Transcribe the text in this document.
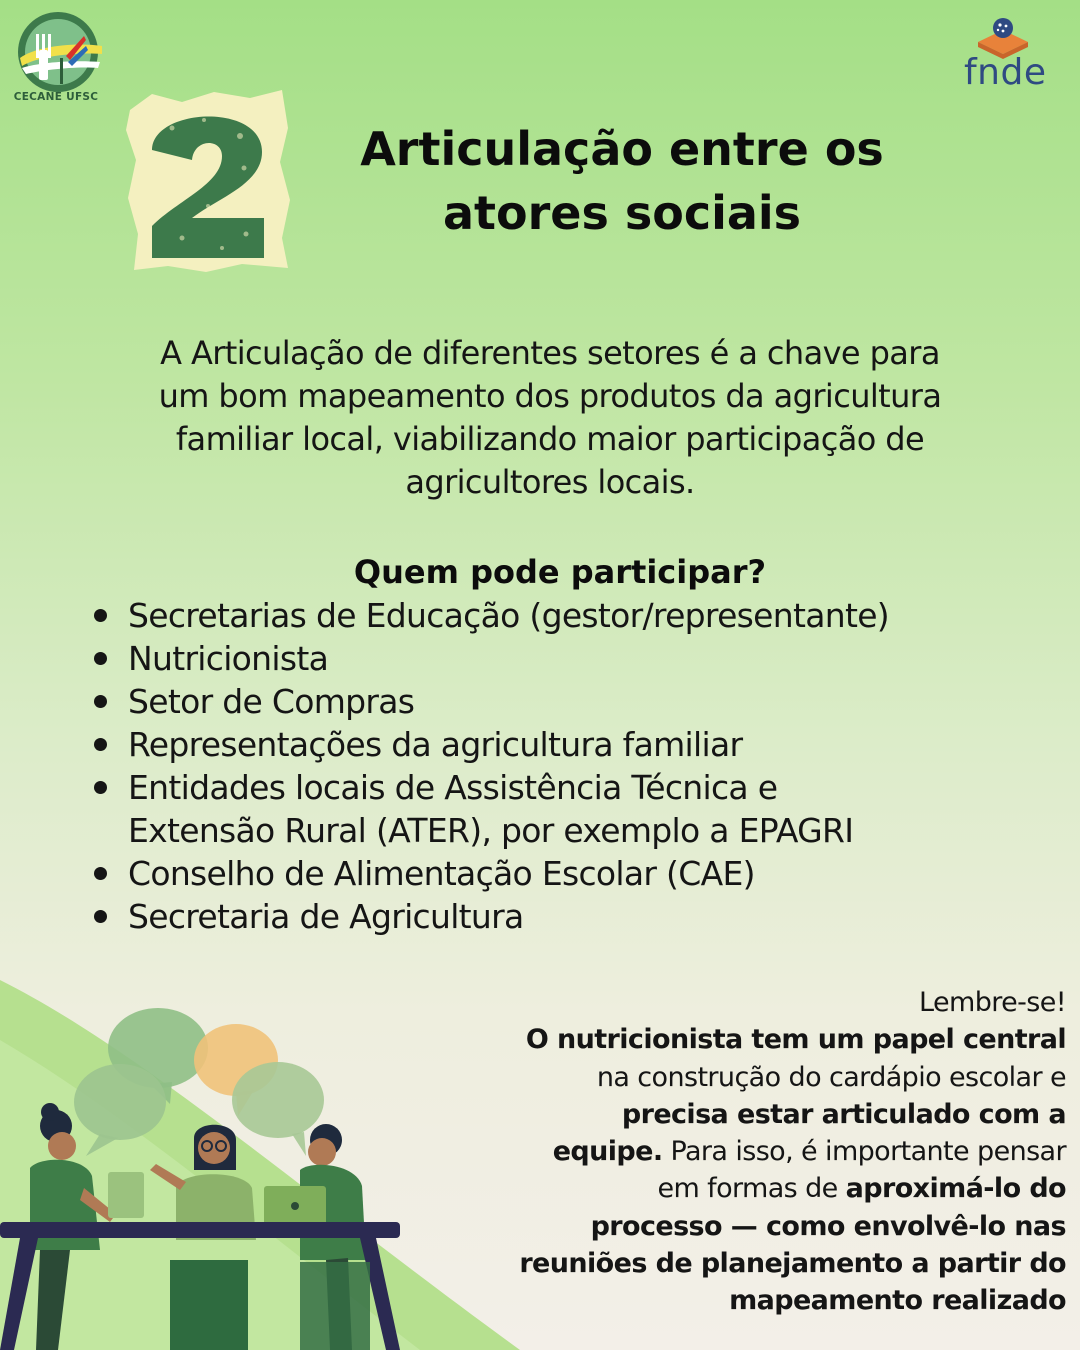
CECANE UFSC
fnde
Articulação entre os
atores sociais
A Articulação de diferentes setores é a chave para
um bom mapeamento dos produtos da agricultura
familiar local, viabilizando maior participação de
agricultores locais.
Quem pode participar?
Secretarias de Educação (gestor/representante)
Nutricionista
Setor de Compras
Representações da agricultura familiar
Entidades locais de Assistência Técnica e
Extensão Rural (ATER), por exemplo a EPAGRI
Conselho de Alimentação Escolar (CAE)
Secretaria de Agricultura
Lembre-se!
O nutricionista tem um papel central
na construção do cardápio escolar e
precisa estar articulado com a
equipe. Para isso, é importante pensar
em formas de aproximá-lo do
processo — como envolvê-lo nas
reuniões de planejamento a partir do
mapeamento realizado
